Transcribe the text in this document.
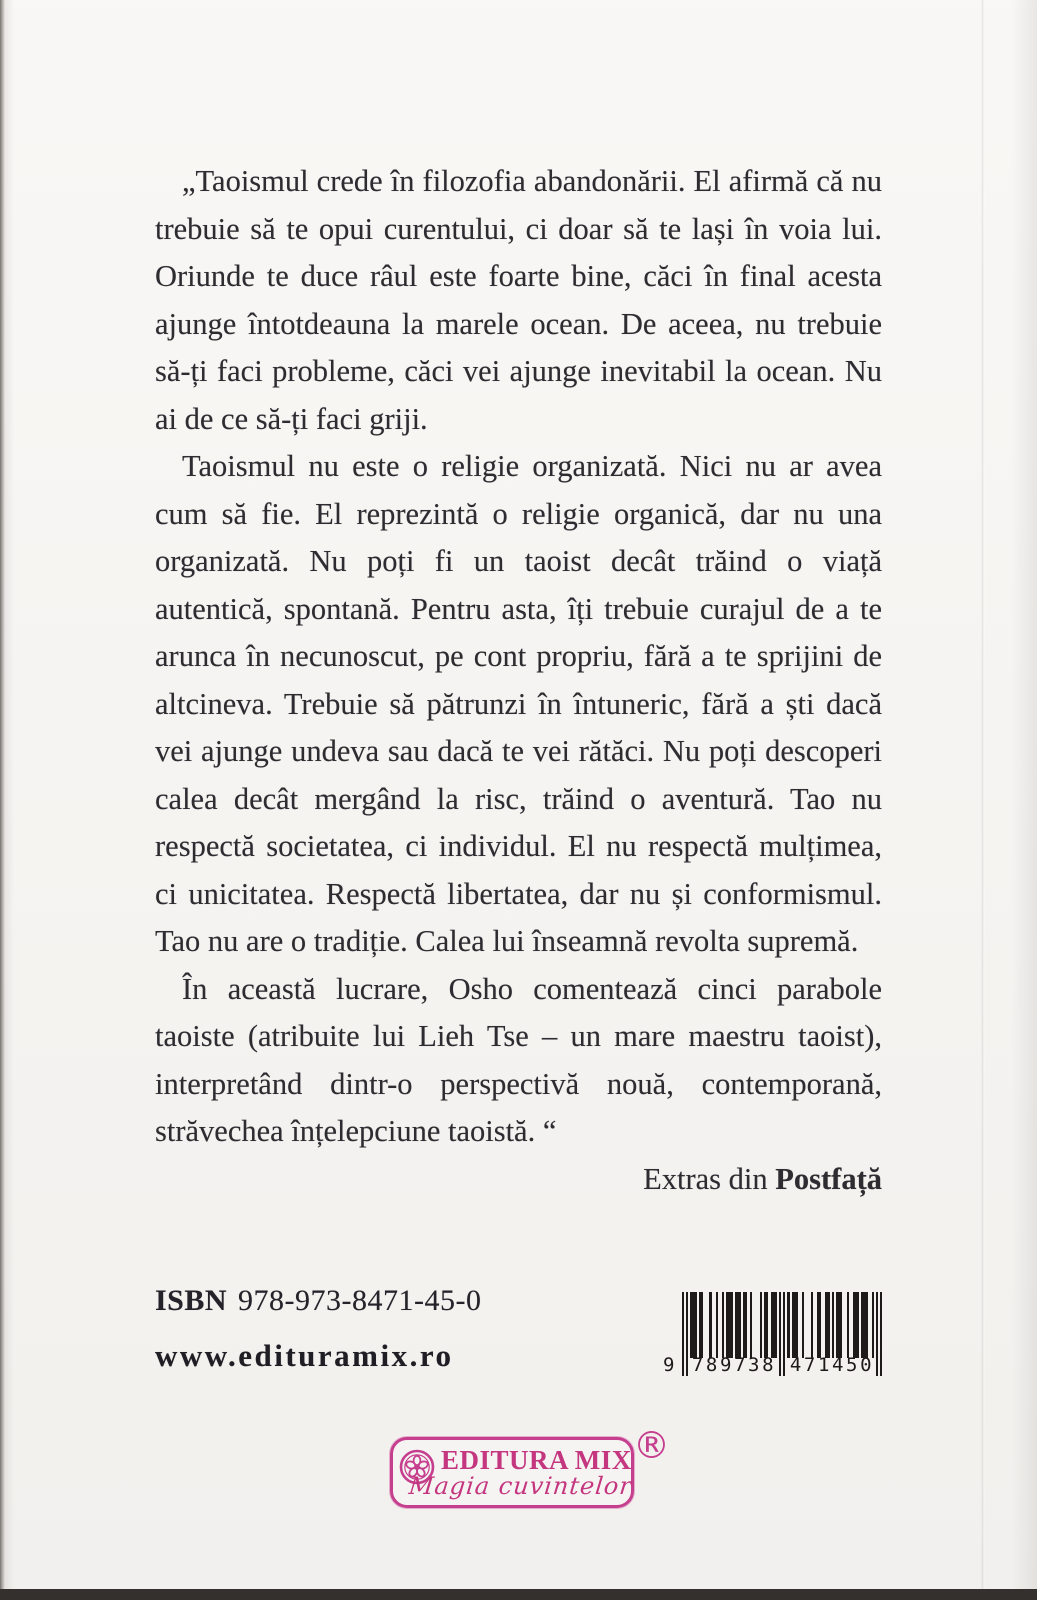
„Taoismul crede în filozofia abandonării. El afirmă că nu trebuie să te opui curentului, ci doar să te lași în voia lui. Oriunde te duce râul este foarte bine, căci în final acesta ajunge întotdeauna la marele ocean. De aceea, nu trebuie să-ți faci probleme, căci vei ajunge inevitabil la ocean. Nu ai de ce să-ți faci griji.

Taoismul nu este o religie organizată. Nici nu ar avea cum să fie. El reprezintă o religie organică, dar nu una organizată. Nu poți fi un taoist decât trăind o viață autentică, spontană. Pentru asta, îți trebuie curajul de a te arunca în necunoscut, pe cont propriu, fără a te sprijini de altcineva. Trebuie să pătrunzi în întuneric, fără a ști dacă vei ajunge undeva sau dacă te vei rătăci. Nu poți descoperi calea decât mergând la risc, trăind o aventură. Tao nu respectă societatea, ci individul. El nu respectă mulțimea, ci unicitatea. Respectă libertatea, dar nu și conformismul. Tao nu are o tradiție. Calea lui înseamnă revolta supremă.

În această lucrare, Osho comentează cinci parabole taoiste (atribuite lui Lieh Tse – un mare maestru taoist), interpretând dintr-o perspectivă nouă, contemporană, străvechea înțelepciune taoistă. “

Extras din Postfață

ISBN 978-973-8471-45-0
www.edituramix.ro	9 789738 471450
EDITURA MIX
Magia cuvintelor
®
